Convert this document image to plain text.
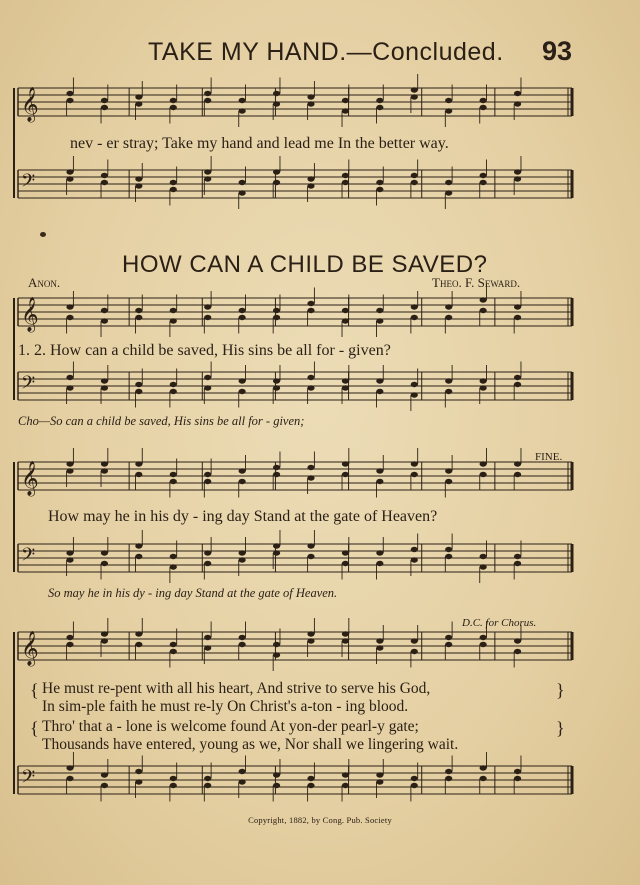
𝄞
𝄢
𝄞
𝄢
𝄞
𝄢
𝄞
𝄢
TAKE MY HAND.—Concluded. 93
nev - er stray; Take my hand and lead me In the better way.
HOW CAN A CHILD BE SAVED?
Anon.	Theo. F. Seward.
1. 2. How can a child be saved, His sins be all for - given?
Cho—So can a child be saved, His sins be all for - given;
FINE.
How may he in his dy - ing day Stand at the gate of Heaven?
So may he in his dy - ing day Stand at the gate of Heaven.
D.C. for Chorus.
{	}
{	}
He must re-pent with all his heart, And strive to serve his God,
In sim-ple faith he must re-ly On Christ's a-ton - ing blood.
Thro' that a - lone is welcome found At yon-der pearl-y gate;
Thousands have entered, young as we, Nor shall we lingering wait.
Copyright, 1882, by Cong. Pub. Society
